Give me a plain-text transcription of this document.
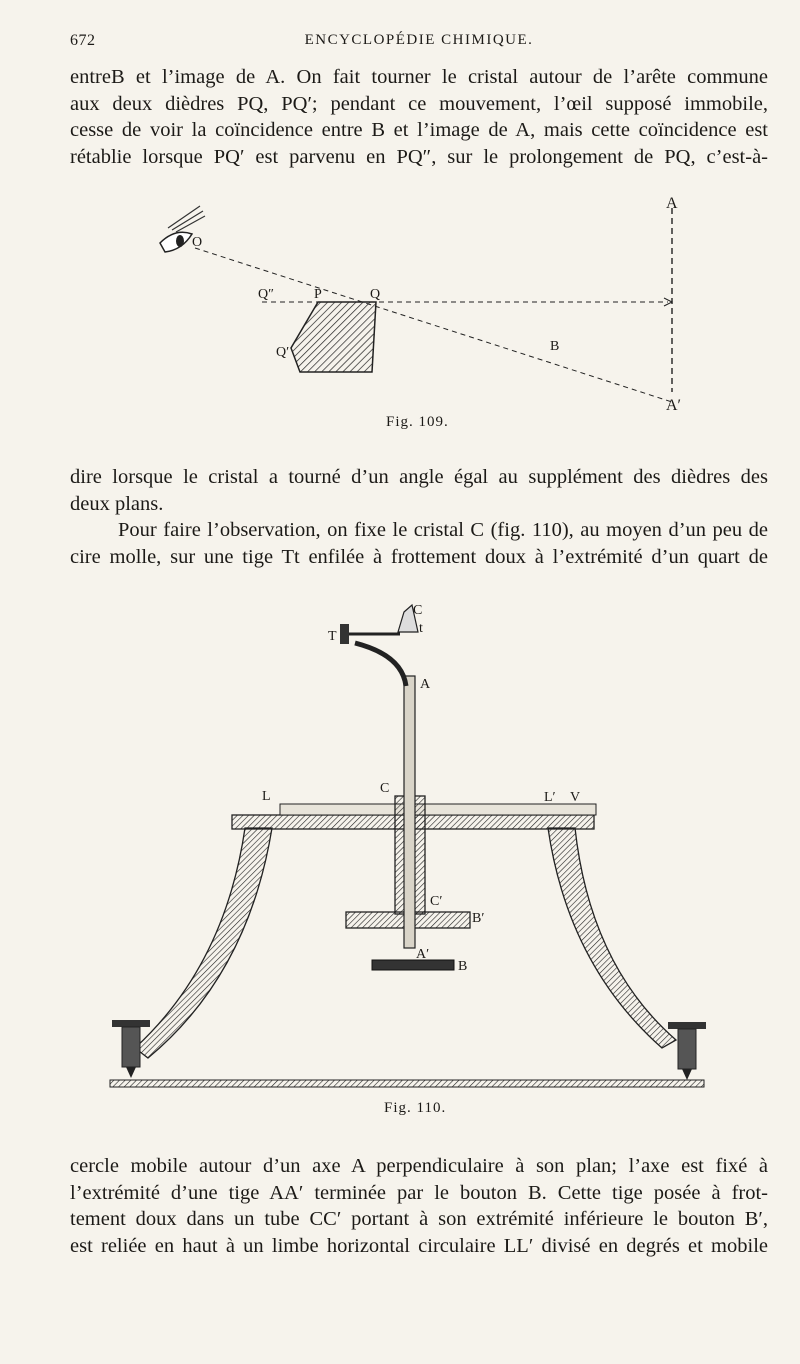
672	ENCYCLOPÉDIE CHIMIQUE.
entreB et l’image de A. On fait tourner le cristal autour de l’arête commune
aux deux dièdres PQ, PQ′; pendant ce mouvement, l’œil supposé immobile,
cesse de voir la coïncidence entre B et l’image de A, mais cette coïncidence est
rétablie lorsque PQ′ est parvenu en PQ″, sur le prolongement de PQ, c’est-à-
O
Q″	P	Q
Q′	B
A
A′
Fig. 109.
dire lorsque le cristal a tourné d’un angle égal au supplément des dièdres des
deux plans.
Pour faire l’observation, on fixe le cristal C (fig. 110), au moyen d’un peu de
cire molle, sur une tige Tt enfilée à frottement doux à l’extrémité d’un quart de
C
t
T
A
L
C
L′ V
C′
B′
A′
B
Fig. 110.
cercle mobile autour d’un axe A perpendiculaire à son plan; l’axe est fixé à
l’extrémité d’une tige AA′ terminée par le bouton B. Cette tige posée à frot-
tement doux dans un tube CC′ portant à son extrémité inférieure le bouton B′,
est reliée en haut à un limbe horizontal circulaire LL′ divisé en degrés et mobile
